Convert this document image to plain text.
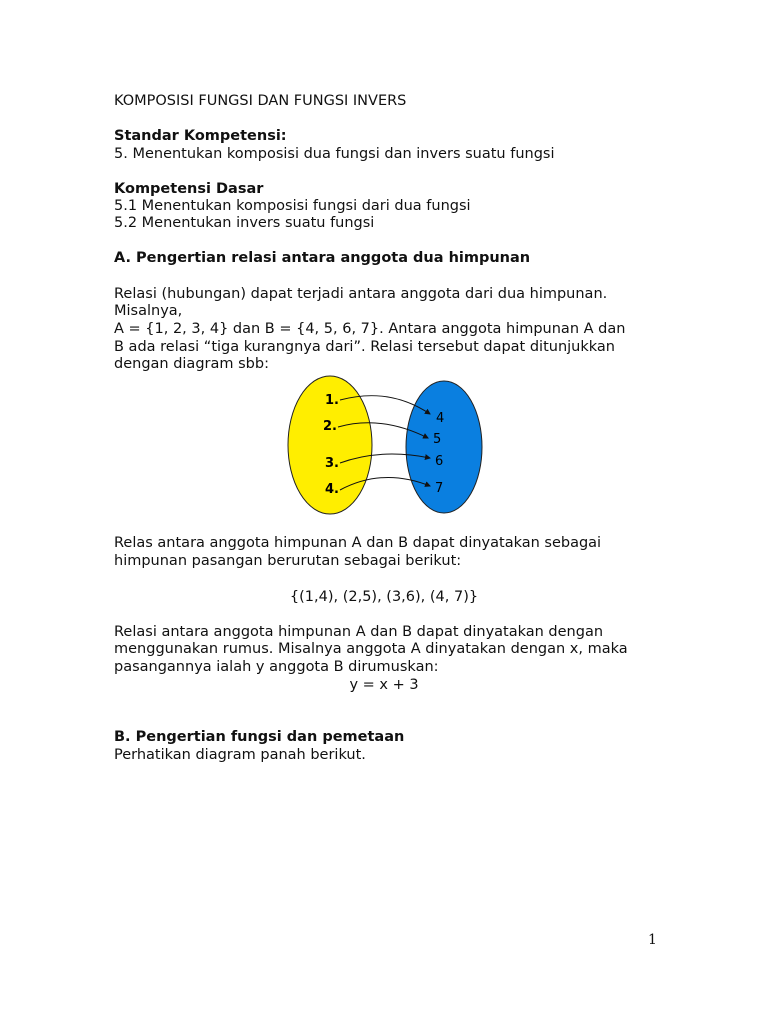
KOMPOSISI FUNGSI DAN FUNGSI INVERS
Standar Kompetensi:
5. Menentukan komposisi dua fungsi dan invers suatu fungsi
Kompetensi Dasar
5.1 Menentukan komposisi fungsi dari dua fungsi
5.2 Menentukan invers suatu fungsi
A. Pengertian relasi antara anggota dua himpunan
Relasi (hubungan) dapat terjadi antara anggota dari dua himpunan.
Misalnya,
A = {1, 2, 3, 4} dan B = {4, 5, 6, 7}. Antara anggota himpunan A dan
B ada relasi “tiga kurangnya dari”. Relasi tersebut dapat ditunjukkan
dengan diagram sbb:
1.
2.
3.
4.
4
5
6
7
Relas antara anggota himpunan A dan B dapat dinyatakan sebagai
himpunan pasangan berurutan sebagai berikut:
{(1,4), (2,5), (3,6), (4, 7)}
Relasi antara anggota himpunan A dan B dapat dinyatakan dengan
menggunakan rumus. Misalnya anggota A dinyatakan dengan x, maka
pasangannya ialah y anggota B dirumuskan:
y = x + 3
B. Pengertian fungsi dan pemetaan
Perhatikan diagram panah berikut.
1
